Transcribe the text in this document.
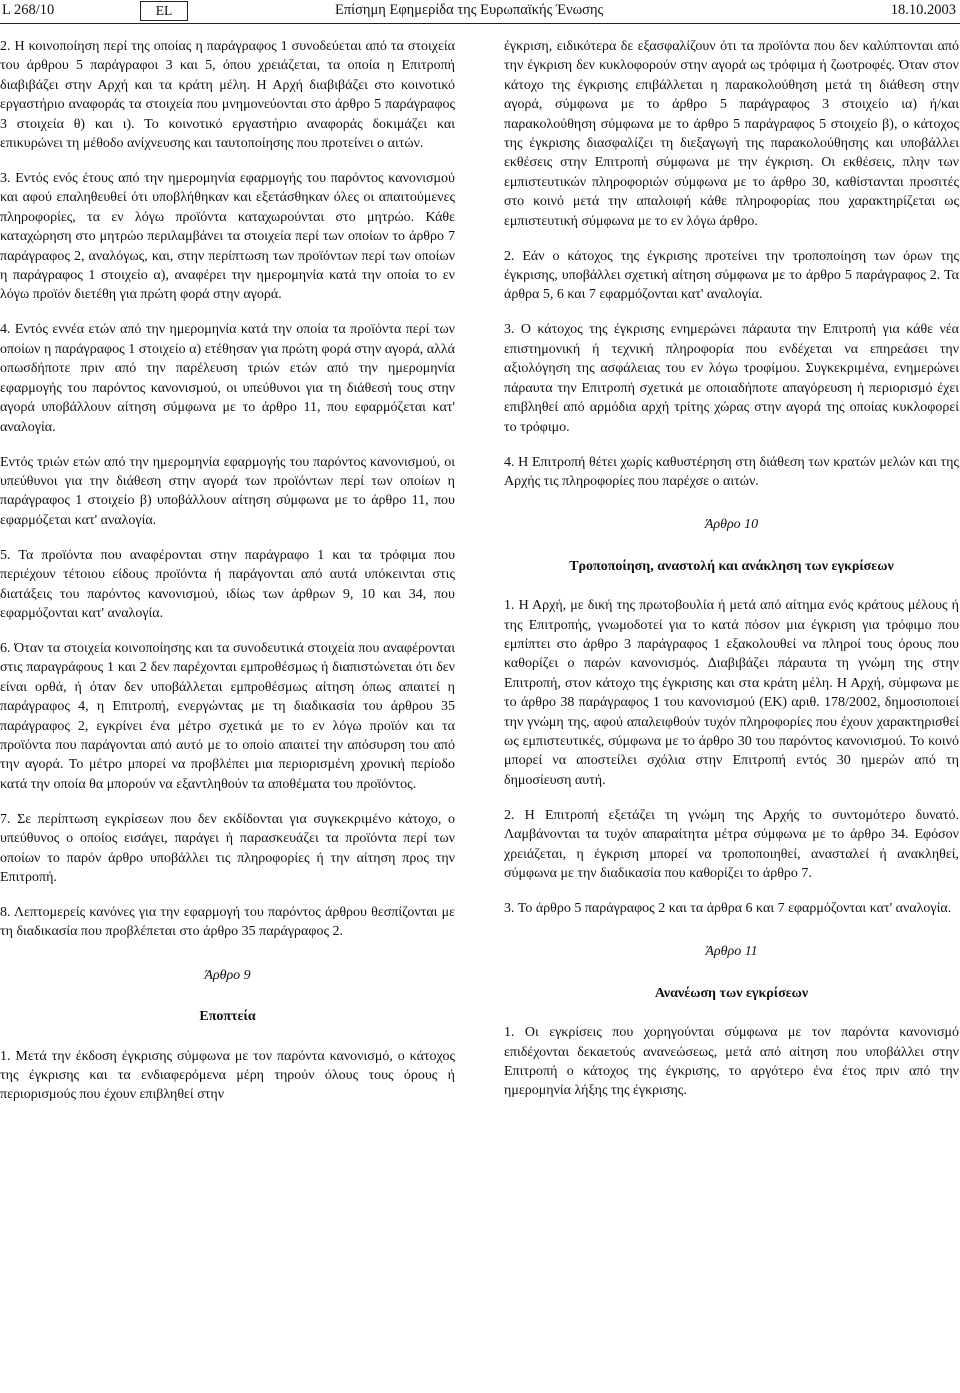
L 268/10	EL	Επίσημη Εφημερίδα της Ευρωπαϊκής Ένωσης	18.10.2003

2. Η κοινοποίηση περί της οποίας η παράγραφος 1 συνοδεύεται από τα στοιχεία του άρθρου 5 παράγραφοι 3 και 5, όπου χρειάζεται, τα οποία η Επιτροπή διαβιβάζει στην Αρχή και τα κράτη μέλη. Η Αρχή διαβιβάζει στο κοινοτικό εργαστήριο αναφοράς τα στοιχεία που μνημονεύονται στο άρθρο 5 παράγραφος 3 στοιχεία θ) και ι). Το κοινοτικό εργαστήριο αναφοράς δοκιμάζει και επικυρώνει τη μέθοδο ανίχνευσης και ταυτοποίησης που προτείνει ο αιτών.

3. Εντός ενός έτους από την ημερομηνία εφαρμογής του παρόντος κανονισμού και αφού επαληθευθεί ότι υποβλήθηκαν και εξετάσθηκαν όλες οι απαιτούμενες πληροφορίες, τα εν λόγω προϊόντα καταχωρούνται στο μητρώο. Κάθε καταχώρηση στο μητρώο περιλαμβάνει τα στοιχεία περί των οποίων το άρθρο 7 παράγραφος 2, αναλόγως, και, στην περίπτωση των προϊόντων περί των οποίων η παράγραφος 1 στοιχείο α), αναφέρει την ημερομηνία κατά την οποία το εν λόγω προϊόν διετέθη για πρώτη φορά στην αγορά.

4. Εντός εννέα ετών από την ημερομηνία κατά την οποία τα προϊόντα περί των οποίων η παράγραφος 1 στοιχείο α) ετέθησαν για πρώτη φορά στην αγορά, αλλά οπωσδήποτε πριν από την παρέλευση τριών ετών από την ημερομηνία εφαρμογής του παρόντος κανονισμού, οι υπεύθυνοι για τη διάθεσή τους στην αγορά υποβάλλουν αίτηση σύμφωνα με το άρθρο 11, που εφαρμόζεται κατ' αναλογία.

Εντός τριών ετών από την ημερομηνία εφαρμογής του παρόντος κανονισμού, οι υπεύθυνοι για την διάθεση στην αγορά των προϊόντων περί των οποίων η παράγραφος 1 στοιχείο β) υποβάλλουν αίτηση σύμφωνα με το άρθρο 11, που εφαρμόζεται κατ' αναλογία.

5. Τα προϊόντα που αναφέρονται στην παράγραφο 1 και τα τρόφιμα που περιέχουν τέτοιου είδους προϊόντα ή παράγονται από αυτά υπόκεινται στις διατάξεις του παρόντος κανονισμού, ιδίως των άρθρων 9, 10 και 34, που εφαρμόζονται κατ' αναλογία.

6. Όταν τα στοιχεία κοινοποίησης και τα συνοδευτικά στοιχεία που αναφέρονται στις παραγράφους 1 και 2 δεν παρέχονται εμπροθέσμως ή διαπιστώνεται ότι δεν είναι ορθά, ή όταν δεν υποβάλλεται εμπροθέσμως αίτηση όπως απαιτεί η παράγραφος 4, η Επιτροπή, ενεργώντας με τη διαδικασία του άρθρου 35 παράγραφος 2, εγκρίνει ένα μέτρο σχετικά με το εν λόγω προϊόν και τα προϊόντα που παράγονται από αυτό με το οποίο απαιτεί την απόσυρση του από την αγορά. Το μέτρο μπορεί να προβλέπει μια περιορισμένη χρονική περίοδο κατά την οποία θα μπορούν να εξαντληθούν τα αποθέματα του προϊόντος.

7. Σε περίπτωση εγκρίσεων που δεν εκδίδονται για συγκεκριμένο κάτοχο, ο υπεύθυνος ο οποίος εισάγει, παράγει ή παρασκευάζει τα προϊόντα περί των οποίων το παρόν άρθρο υποβάλλει τις πληροφορίες ή την αίτηση προς την Επιτροπή.

8. Λεπτομερείς κανόνες για την εφαρμογή του παρόντος άρθρου θεσπίζονται με τη διαδικασία που προβλέπεται στο άρθρο 35 παράγραφος 2.

Άρθρο 9

Εποπτεία

1. Μετά την έκδοση έγκρισης σύμφωνα με τον παρόντα κανονισμό, ο κάτοχος της έγκρισης και τα ενδιαφερόμενα μέρη τηρούν όλους τους όρους ή περιορισμούς που έχουν επιβληθεί στην

έγκριση, ειδικότερα δε εξασφαλίζουν ότι τα προϊόντα που δεν καλύπτονται από την έγκριση δεν κυκλοφορούν στην αγορά ως τρόφιμα ή ζωοτροφές. Όταν στον κάτοχο της έγκρισης επιβάλλεται η παρακολούθηση μετά τη διάθεση στην αγορά, σύμφωνα με το άρθρο 5 παράγραφος 3 στοιχείο ια) ή/και παρακολούθηση σύμφωνα με το άρθρο 5 παράγραφος 5 στοιχείο β), ο κάτοχος της έγκρισης διασφαλίζει τη διεξαγωγή της παρακολούθησης και υποβάλλει εκθέσεις στην Επιτροπή σύμφωνα με την έγκριση. Οι εκθέσεις, πλην των εμπιστευτικών πληροφοριών σύμφωνα με το άρθρο 30, καθίστανται προσιτές στο κοινό μετά την απαλοιφή κάθε πληροφορίας που χαρακτηρίζεται ως εμπιστευτική σύμφωνα με το εν λόγω άρθρο.

2. Εάν ο κάτοχος της έγκρισης προτείνει την τροποποίηση των όρων της έγκρισης, υποβάλλει σχετική αίτηση σύμφωνα με το άρθρο 5 παράγραφος 2. Τα άρθρα 5, 6 και 7 εφαρμόζονται κατ' αναλογία.

3. Ο κάτοχος της έγκρισης ενημερώνει πάραυτα την Επιτροπή για κάθε νέα επιστημονική ή τεχνική πληροφορία που ενδέχεται να επηρεάσει την αξιολόγηση της ασφάλειας του εν λόγω τροφίμου. Συγκεκριμένα, ενημερώνει πάραυτα την Επιτροπή σχετικά με οποιαδήποτε απαγόρευση ή περιορισμό έχει επιβληθεί από αρμόδια αρχή τρίτης χώρας στην αγορά της οποίας κυκλοφορεί το τρόφιμο.

4. Η Επιτροπή θέτει χωρίς καθυστέρηση στη διάθεση των κρατών μελών και της Αρχής τις πληροφορίες που παρέχσε ο αιτών.

Άρθρο 10

Τροποποίηση, αναστολή και ανάκληση των εγκρίσεων

1. Η Αρχή, με δική της πρωτοβουλία ή μετά από αίτημα ενός κράτους μέλους ή της Επιτροπής, γνωμοδοτεί για το κατά πόσον μια έγκριση για τρόφιμο που εμπίπτει στο άρθρο 3 παράγραφος 1 εξακολουθεί να πληροί τους όρους που καθορίζει ο παρών κανονισμός. Διαβιβάζει πάραυτα τη γνώμη της στην Επιτροπή, στον κάτοχο της έγκρισης και στα κράτη μέλη. Η Αρχή, σύμφωνα με το άρθρο 38 παράγραφος 1 του κανονισμού (ΕΚ) αριθ. 178/2002, δημοσιοποιεί την γνώμη της, αφού απαλειφθούν τυχόν πληροφορίες που έχουν χαρακτηρισθεί ως εμπιστευτικές, σύμφωνα με το άρθρο 30 του παρόντος κανονισμού. Το κοινό μπορεί να αποστείλει σχόλια στην Επιτροπή εντός 30 ημερών από τη δημοσίευση αυτή.

2. Η Επιτροπή εξετάζει τη γνώμη της Αρχής το συντομότερο δυνατό. Λαμβάνονται τα τυχόν απαραίτητα μέτρα σύμφωνα με το άρθρο 34. Εφόσον χρειάζεται, η έγκριση μπορεί να τροποποιηθεί, ανασταλεί ή ανακληθεί, σύμφωνα με την διαδικασία που καθορίζει το άρθρο 7.

3. Το άρθρο 5 παράγραφος 2 και τα άρθρα 6 και 7 εφαρμόζονται κατ' αναλογία.

Άρθρο 11

Ανανέωση των εγκρίσεων

1. Οι εγκρίσεις που χορηγούνται σύμφωνα με τον παρόντα κανονισμό επιδέχονται δεκαετούς ανανεώσεως, μετά από αίτηση που υποβάλλει στην Επιτροπή ο κάτοχος της έγκρισης, το αργότερο ένα έτος πριν από την ημερομηνία λήξης της έγκρισης.
